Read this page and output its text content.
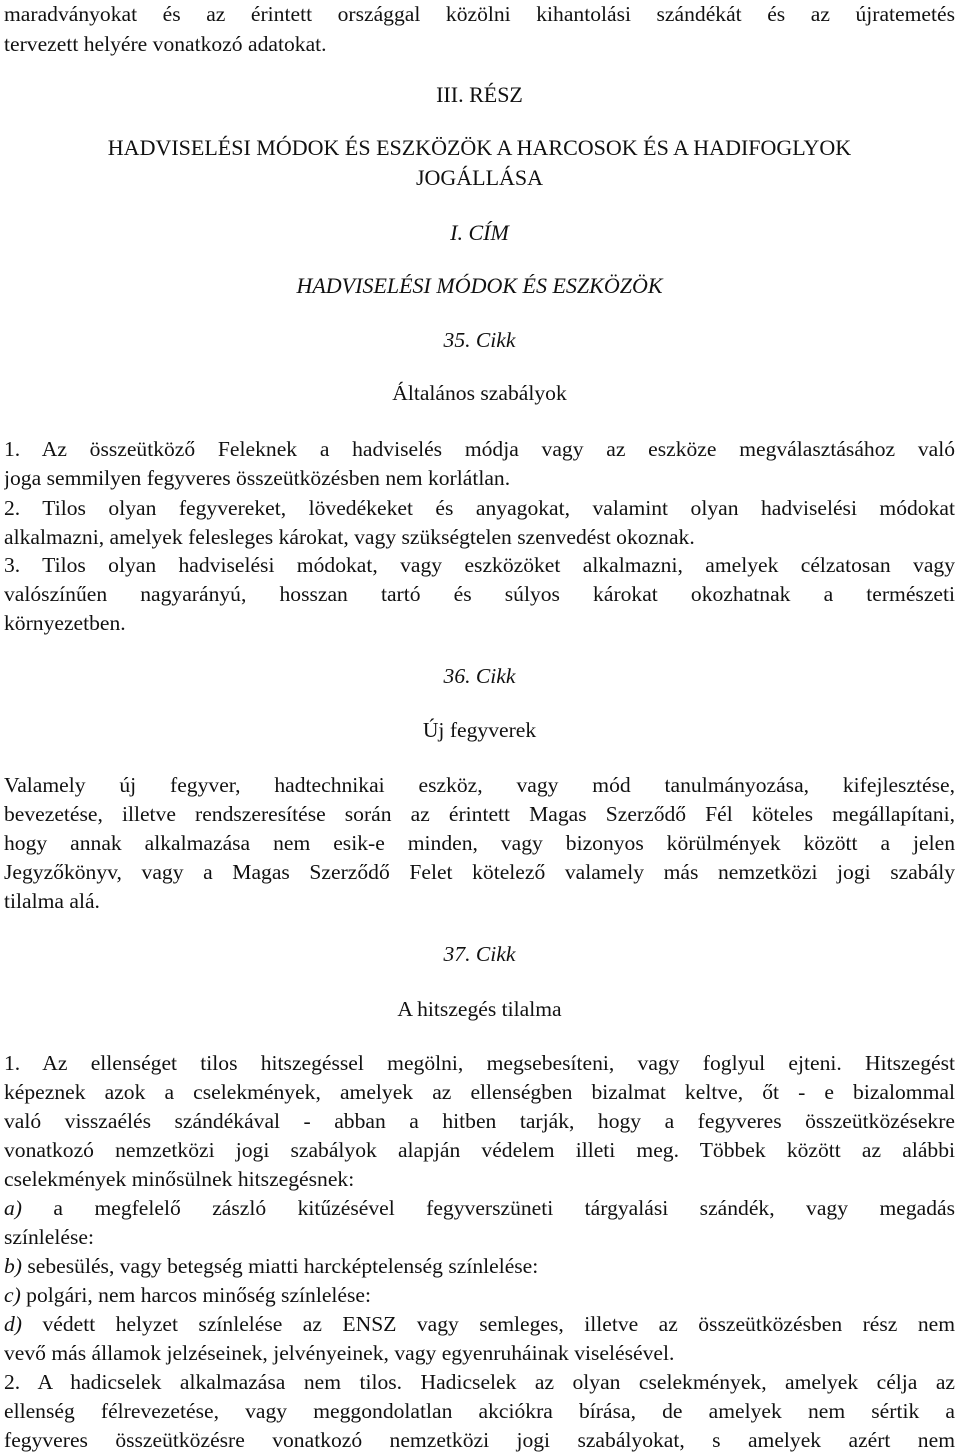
maradványokat és az érintett országgal közölni kihantolási szándékát és az újratemetés
tervezett helyére vonatkozó adatokat.
III. RÉSZ
HADVISELÉSI MÓDOK ÉS ESZKÖZÖK A HARCOSOK ÉS A HADIFOGLYOK
JOGÁLLÁSA
I. CÍM
HADVISELÉSI MÓDOK ÉS ESZKÖZÖK
35. Cikk
Általános szabályok
1. Az összeütköző Feleknek a hadviselés módja vagy az eszköze megválasztásához való
joga semmilyen fegyveres összeütközésben nem korlátlan.
2. Tilos olyan fegyvereket, lövedékeket és anyagokat, valamint olyan hadviselési módokat
alkalmazni, amelyek felesleges károkat, vagy szükségtelen szenvedést okoznak.
3. Tilos olyan hadviselési módokat, vagy eszközöket alkalmazni, amelyek célzatosan vagy
valószínűen nagyarányú, hosszan tartó és súlyos károkat okozhatnak a természeti
környezetben.
36. Cikk
Új fegyverek
Valamely új fegyver, hadtechnikai eszköz, vagy mód tanulmányozása, kifejlesztése,
bevezetése, illetve rendszeresítése során az érintett Magas Szerződő Fél köteles megállapítani,
hogy annak alkalmazása nem esik-e minden, vagy bizonyos körülmények között a jelen
Jegyzőkönyv, vagy a Magas Szerződő Felet kötelező valamely más nemzetközi jogi szabály
tilalma alá.
37. Cikk
A hitszegés tilalma
1. Az ellenséget tilos hitszegéssel megölni, megsebesíteni, vagy foglyul ejteni. Hitszegést
képeznek azok a cselekmények, amelyek az ellenségben bizalmat keltve, őt - e bizalommal
való visszaélés szándékával - abban a hitben tarják, hogy a fegyveres összeütközésekre
vonatkozó nemzetközi jogi szabályok alapján védelem illeti meg. Többek között az alábbi
cselekmények minősülnek hitszegésnek:
a) a megfelelő zászló kitűzésével fegyverszüneti tárgyalási szándék, vagy megadás
színlelése:
b) sebesülés, vagy betegség miatti harcképtelenség színlelése:
c) polgári, nem harcos minőség színlelése:
d) védett helyzet színlelése az ENSZ vagy semleges, illetve az összeütközésben rész nem
vevő más államok jelzéseinek, jelvényeinek, vagy egyenruháinak viselésével.
2. A hadicselek alkalmazása nem tilos. Hadicselek az olyan cselekmények, amelyek célja az
ellenség félrevezetése, vagy meggondolatlan akciókra bírása, de amelyek nem sértik a
fegyveres összeütközésre vonatkozó nemzetközi jogi szabályokat, s amelyek azért nem
